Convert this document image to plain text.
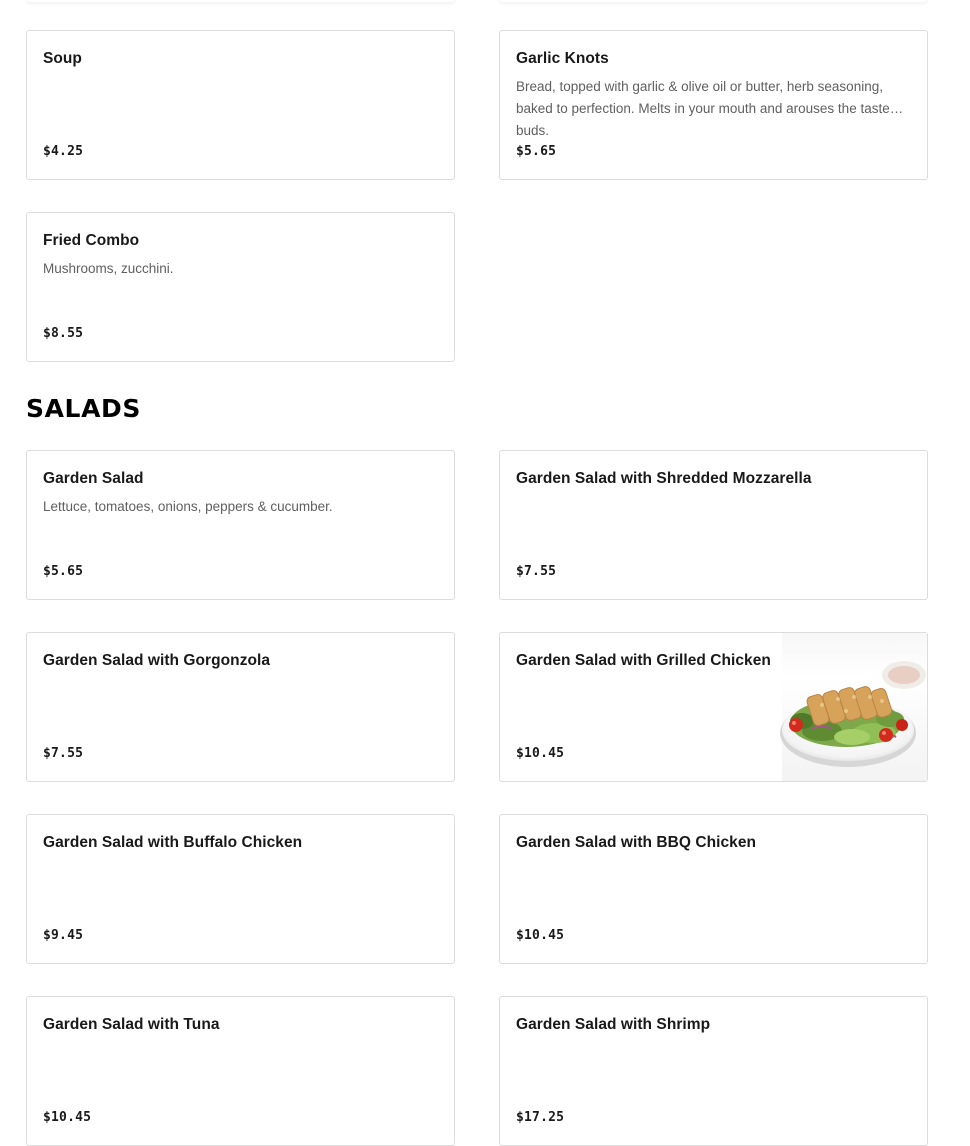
Soup
$4.25
Garlic Knots
Bread, topped with garlic & olive oil or butter, herb seasoning, baked to perfection. Melts in your mouth and arouses the taste buds.
$5.65
Fried Combo
Mushrooms, zucchini.
$8.55
SALADS
Garden Salad
Lettuce, tomatoes, onions, peppers & cucumber.
$5.65
Garden Salad with Shredded Mozzarella
$7.55
Garden Salad with Gorgonzola
$7.55
Garden Salad with Grilled Chicken
$10.45
Garden Salad with Buffalo Chicken
$9.45
Garden Salad with BBQ Chicken
$10.45
Garden Salad with Tuna
$10.45
Garden Salad with Shrimp
$17.25
